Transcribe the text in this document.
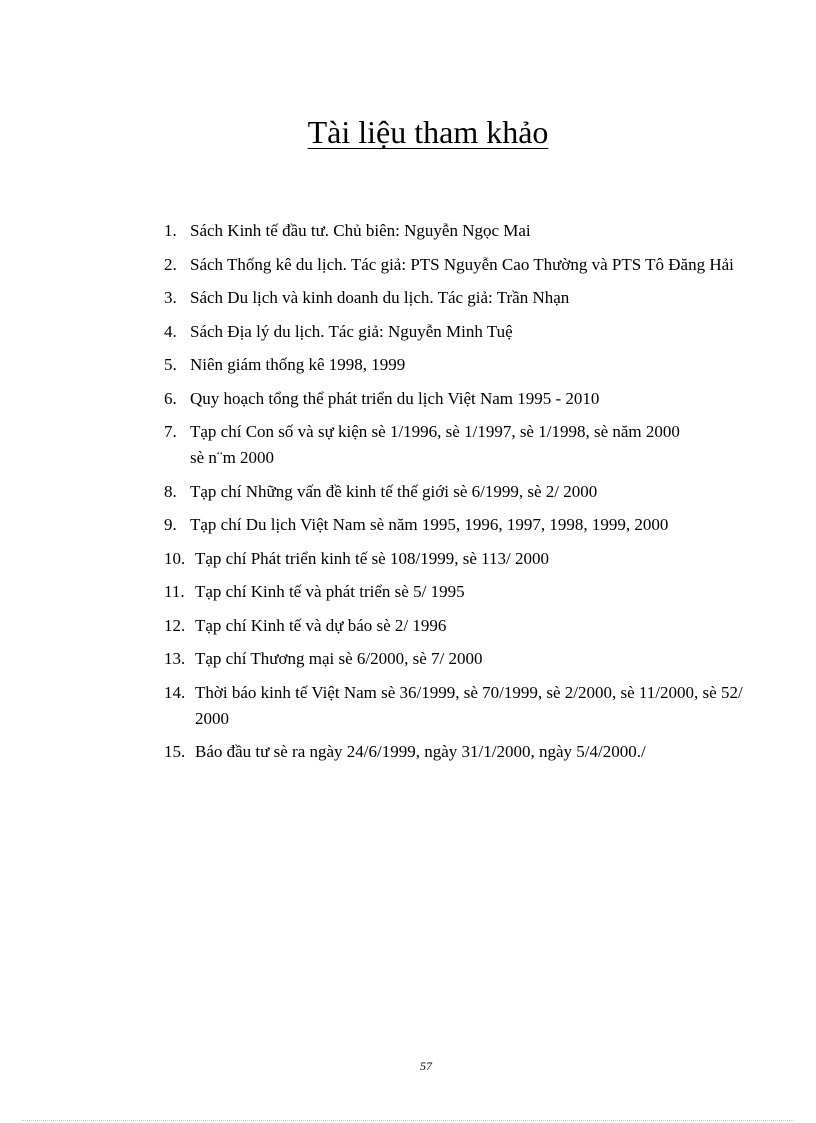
Tài liệu tham khảo
1. Sách Kinh tế đầu tư. Chủ biên: Nguyễn Ngọc Mai
2. Sách Thống kê du lịch. Tác giả: PTS Nguyễn Cao Thường và PTS Tô Đăng Hải
3. Sách Du lịch và kinh doanh du lịch. Tác giả: Trần Nhạn
4. Sách Địa lý du lịch. Tác giả: Nguyễn Minh Tuệ
5. Niên giám thống kê 1998, 1999
6. Quy hoạch tổng thể phát triển du lịch Việt Nam 1995 - 2010
7. Tạp chí Con số và sự kiện sè 1/1996, sè 1/1997, sè 1/1998, sè năm 2000
sè n¨m 2000
8. Tạp chí Những vấn đề kinh tế thế giới sè 6/1999, sè 2/ 2000
9. Tạp chí Du lịch Việt Nam sè năm 1995, 1996, 1997, 1998, 1999, 2000
10. Tạp chí Phát triển kinh tế sè 108/1999, sè 113/ 2000
11. Tạp chí Kinh tế và phát triển sè 5/ 1995
12. Tạp chí Kinh tế và dự báo sè 2/ 1996
13. Tạp chí Thương mại sè 6/2000, sè 7/ 2000
14. Thời báo kinh tế Việt Nam sè 36/1999, sè 70/1999, sè 2/2000, sè 11/2000, sè 52/ 2000
15. Báo đầu tư sè ra ngày 24/6/1999, ngày 31/1/2000, ngày 5/4/2000./
57
